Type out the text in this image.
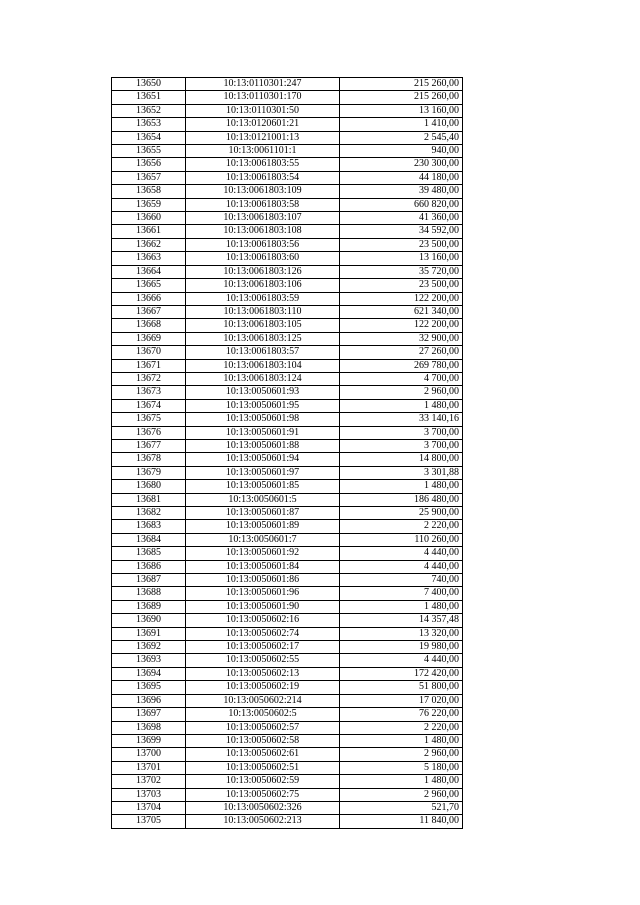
13650	10:13:0110301:247	215 260,00
13651	10:13:0110301:170	215 260,00
13652	10:13:0110301:50	13 160,00
13653	10:13:0120601:21	1 410,00
13654	10:13:0121001:13	2 545,40
13655	10:13:0061101:1	940,00
13656	10:13:0061803:55	230 300,00
13657	10:13:0061803:54	44 180,00
13658	10:13:0061803:109	39 480,00
13659	10:13:0061803:58	660 820,00
13660	10:13:0061803:107	41 360,00
13661	10:13:0061803:108	34 592,00
13662	10:13:0061803:56	23 500,00
13663	10:13:0061803:60	13 160,00
13664	10:13:0061803:126	35 720,00
13665	10:13:0061803:106	23 500,00
13666	10:13:0061803:59	122 200,00
13667	10:13:0061803:110	621 340,00
13668	10:13:0061803:105	122 200,00
13669	10:13:0061803:125	32 900,00
13670	10:13:0061803:57	27 260,00
13671	10:13:0061803:104	269 780,00
13672	10:13:0061803:124	4 700,00
13673	10:13:0050601:93	2 960,00
13674	10:13:0050601:95	1 480,00
13675	10:13:0050601:98	33 140,16
13676	10:13:0050601:91	3 700,00
13677	10:13:0050601:88	3 700,00
13678	10:13:0050601:94	14 800,00
13679	10:13:0050601:97	3 301,88
13680	10:13:0050601:85	1 480,00
13681	10:13:0050601:5	186 480,00
13682	10:13:0050601:87	25 900,00
13683	10:13:0050601:89	2 220,00
13684	10:13:0050601:7	110 260,00
13685	10:13:0050601:92	4 440,00
13686	10:13:0050601:84	4 440,00
13687	10:13:0050601:86	740,00
13688	10:13:0050601:96	7 400,00
13689	10:13:0050601:90	1 480,00
13690	10:13:0050602:16	14 357,48
13691	10:13:0050602:74	13 320,00
13692	10:13:0050602:17	19 980,00
13693	10:13:0050602:55	4 440,00
13694	10:13:0050602:13	172 420,00
13695	10:13:0050602:19	51 800,00
13696	10:13:0050602:214	17 020,00
13697	10:13:0050602:5	76 220,00
13698	10:13:0050602:57	2 220,00
13699	10:13:0050602:58	1 480,00
13700	10:13:0050602:61	2 960,00
13701	10:13:0050602:51	5 180,00
13702	10:13:0050602:59	1 480,00
13703	10:13:0050602:75	2 960,00
13704	10:13:0050602:326	521,70
13705	10:13:0050602:213	11 840,00
